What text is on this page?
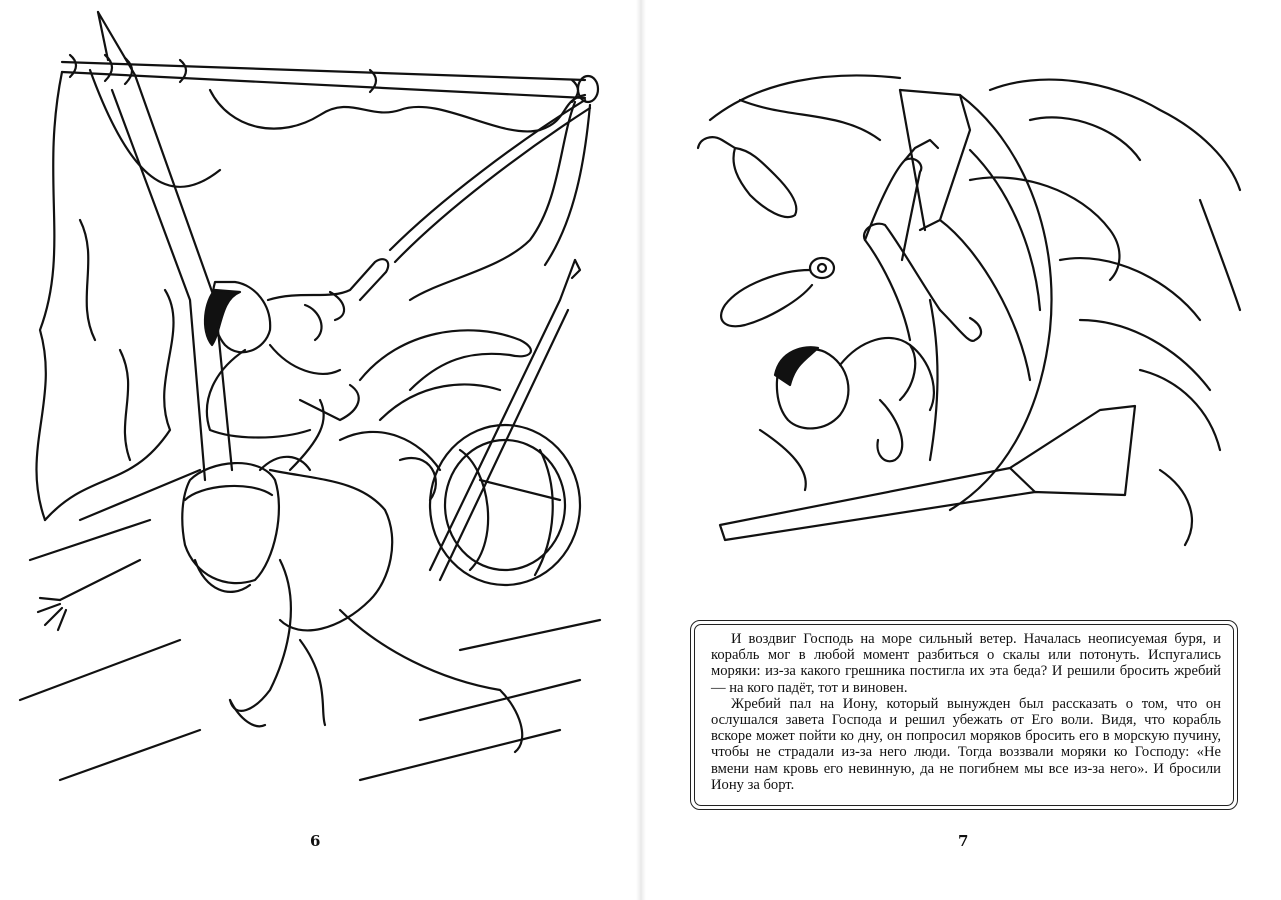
6

И воздвиг Господь на море сильный ветер. Началась неописуемая буря, и корабль мог в любой момент разбиться о скалы или потонуть. Испугались моряки: из-за какого грешника постигла их эта беда? И решили бросить жребий — на кого падёт, тот и виновен.

Жребий пал на Иону, который вынужден был рассказать о том, что он ослушался завета Господа и решил убежать от Его воли. Видя, что корабль вскоре может пойти ко дну, он попросил моряков бросить его в морскую пучину, чтобы не страдали из-за него люди. Тогда воззвали моряки ко Господу: «Не вмени нам кровь его невинную, да не погибнем мы все из-за него». И бросили Иону за борт.

7
